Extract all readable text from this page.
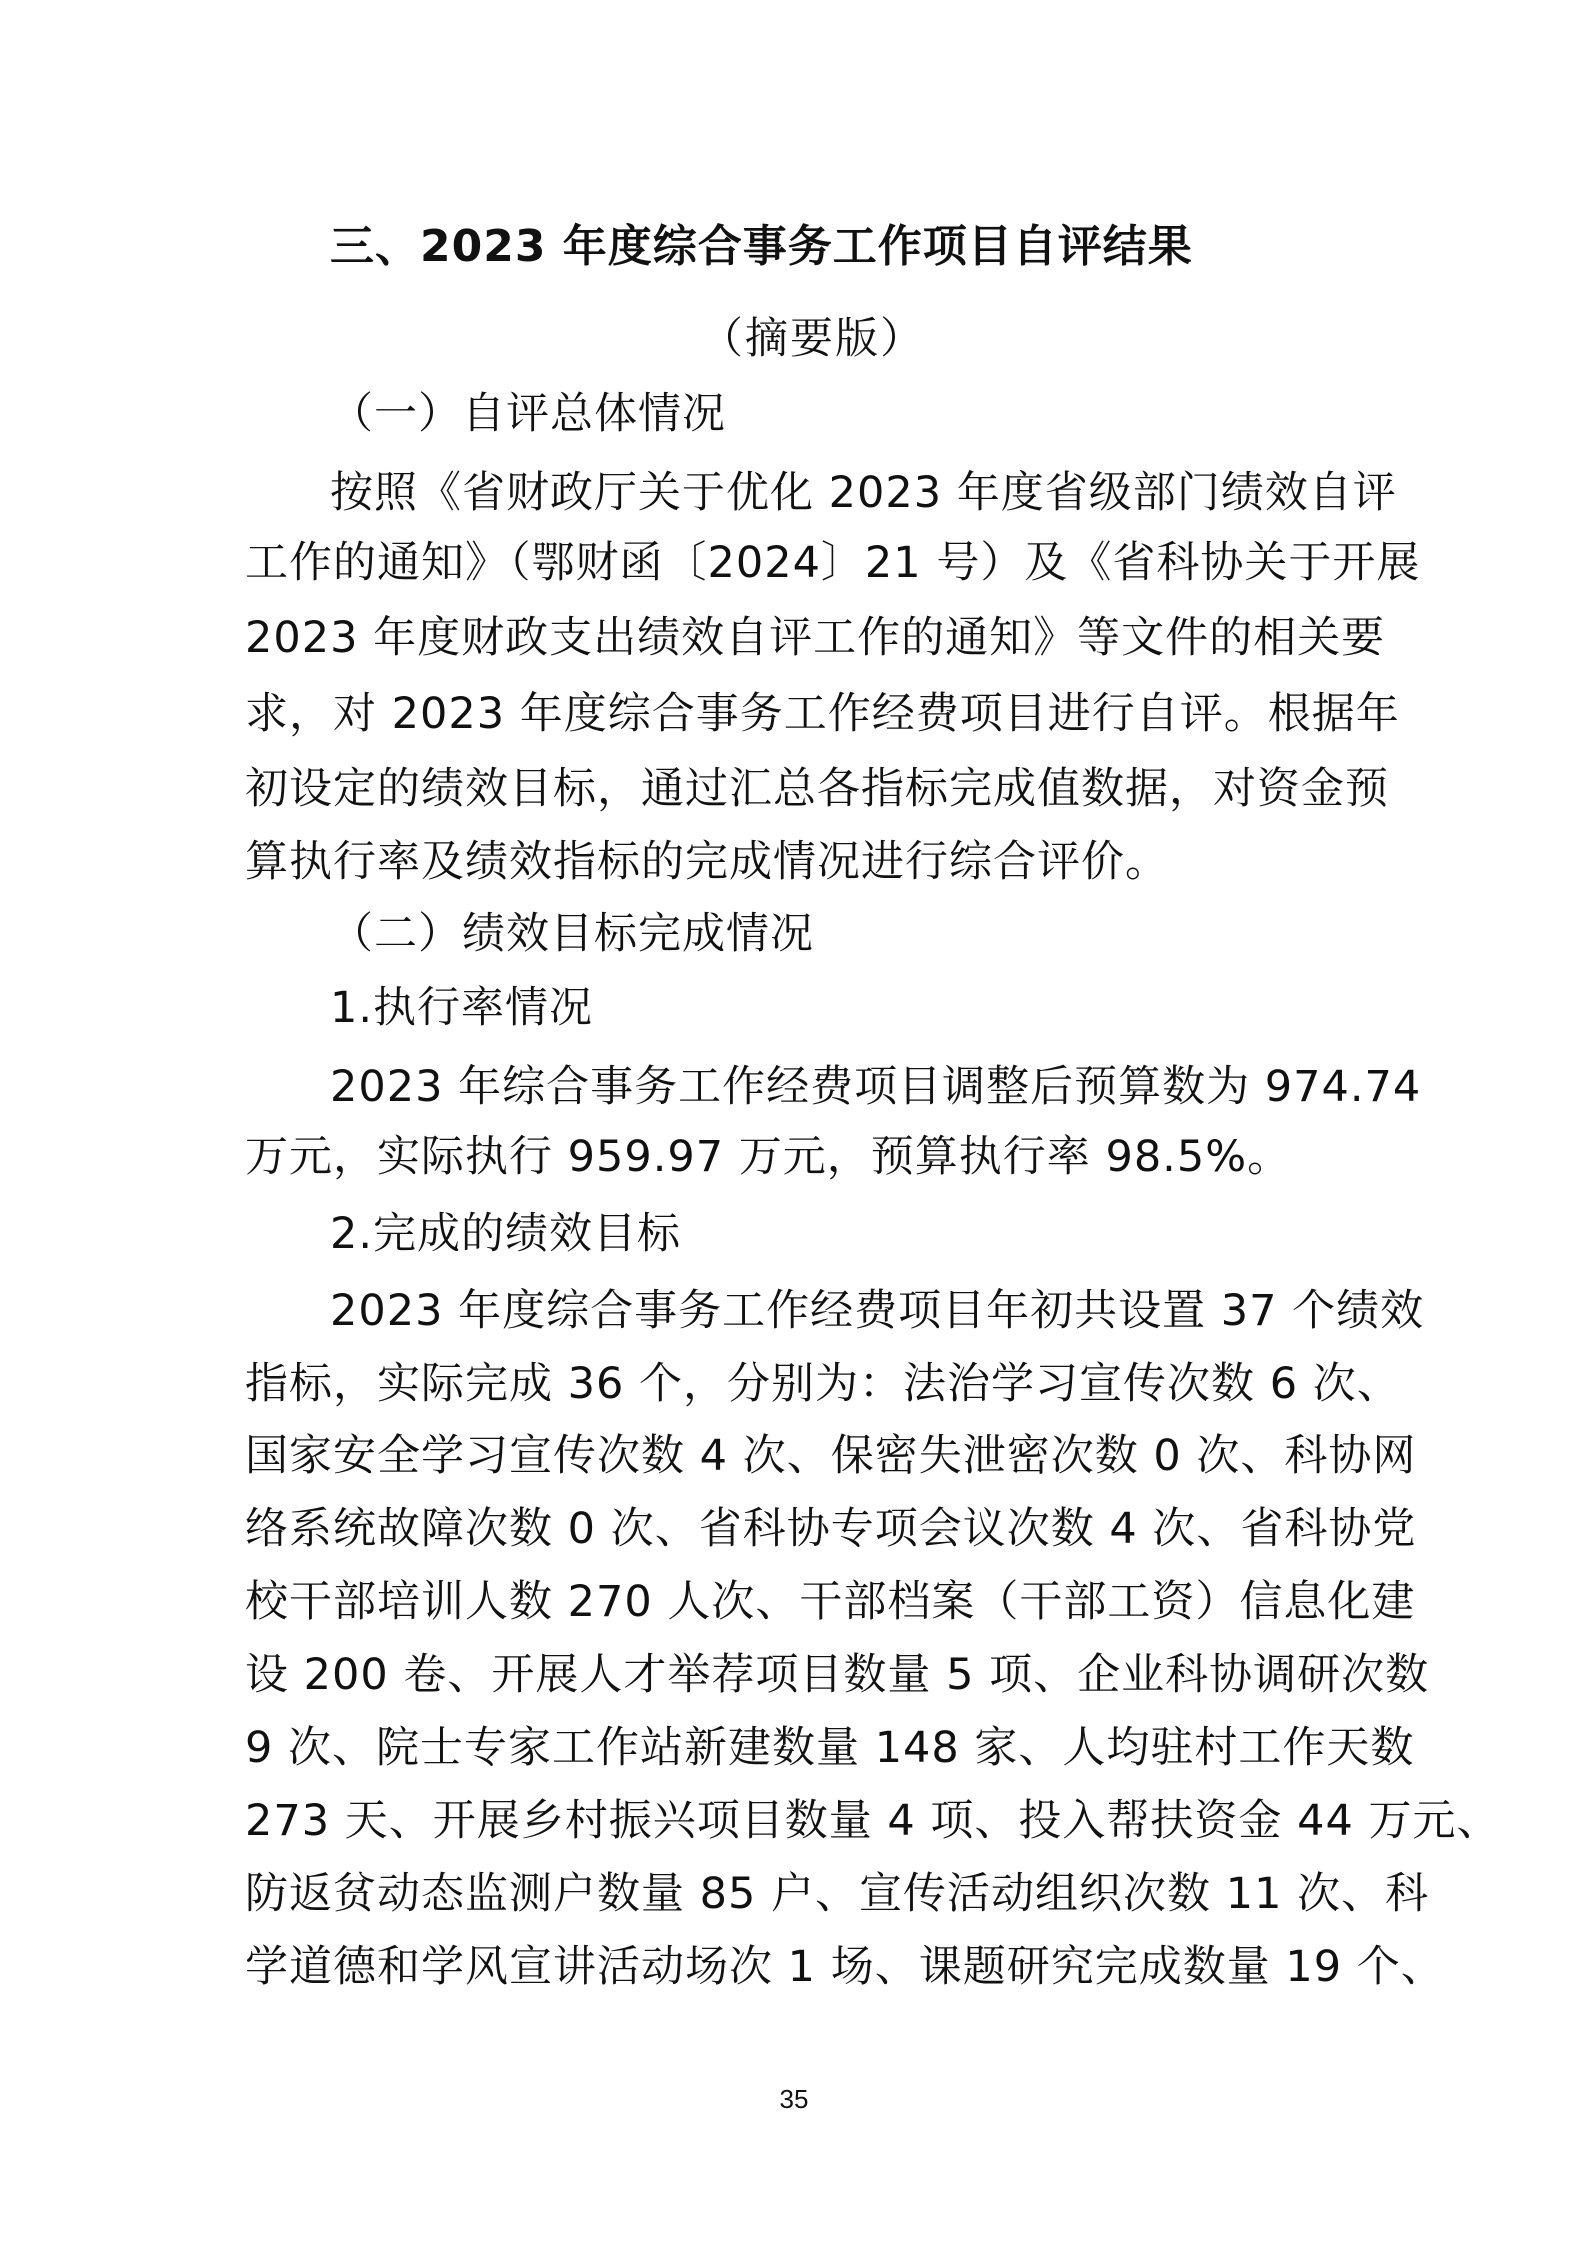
三、2023 年度综合事务工作项目自评结果
（摘要版）
（一）自评总体情况
按照《省财政厅关于优化 2023 年度省级部门绩效自评
工作的通知》（鄂财函〔2024〕21 号）及《省科协关于开展
2023 年度财政支出绩效自评工作的通知》等文件的相关要
求，对 2023 年度综合事务工作经费项目进行自评。根据年
初设定的绩效目标，通过汇总各指标完成值数据，对资金预
算执行率及绩效指标的完成情况进行综合评价。
（二）绩效目标完成情况
1.执行率情况
2023 年综合事务工作经费项目调整后预算数为 974.74
万元，实际执行 959.97 万元，预算执行率 98.5%。
2.完成的绩效目标
2023 年度综合事务工作经费项目年初共设置 37 个绩效
指标，实际完成 36 个，分别为：法治学习宣传次数 6 次、
国家安全学习宣传次数 4 次、保密失泄密次数 0 次、科协网
络系统故障次数 0 次、省科协专项会议次数 4 次、省科协党
校干部培训人数 270 人次、干部档案（干部工资）信息化建
设 200 卷、开展人才举荐项目数量 5 项、企业科协调研次数
9 次、院士专家工作站新建数量 148 家、人均驻村工作天数
273 天、开展乡村振兴项目数量 4 项、投入帮扶资金 44 万元、
防返贫动态监测户数量 85 户、宣传活动组织次数 11 次、科
学道德和学风宣讲活动场次 1 场、课题研究完成数量 19 个、
35
